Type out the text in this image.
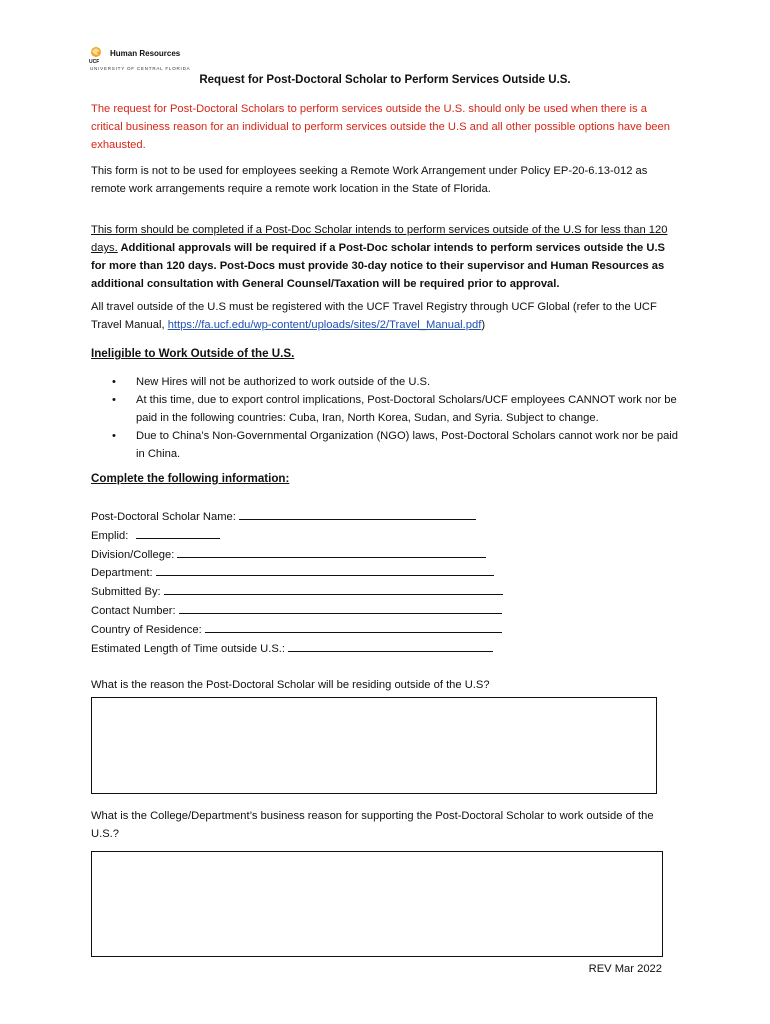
UCF
Human Resources
UNIVERSITY OF CENTRAL FLORIDA
Request for Post-Doctoral Scholar to Perform Services Outside U.S.
The request for Post-Doctoral Scholars to perform services outside the U.S. should only be used when there is a critical business reason for an individual to perform services outside the U.S and all other possible options have been exhausted.
This form is not to be used for employees seeking a Remote Work Arrangement under Policy EP-20-6.13-012 as remote work arrangements require a remote work location in the State of Florida.
This form should be completed if a Post-Doc Scholar intends to perform services outside of the U.S for less than 120 days. Additional approvals will be required if a Post-Doc scholar intends to perform services outside the U.S for more than 120 days. Post-Docs must provide 30-day notice to their supervisor and Human Resources as additional consultation with General Counsel/Taxation will be required prior to approval.
All travel outside of the U.S must be registered with the UCF Travel Registry through UCF Global (refer to the UCF Travel Manual, https://fa.ucf.edu/wp-content/uploads/sites/2/Travel_Manual.pdf)
Ineligible to Work Outside of the U.S.
• New Hires will not be authorized to work outside of the U.S.
• At this time, due to export control implications, Post-Doctoral Scholars/UCF employees CANNOT work nor be paid in the following countries: Cuba, Iran, North Korea, Sudan, and Syria. Subject to change.
• Due to China’s Non-Governmental Organization (NGO) laws, Post-Doctoral Scholars cannot work nor be paid in China.
Complete the following information:
Post-Doctoral Scholar Name:
Emplid:
Division/College:
Department:
Submitted By:
Contact Number:
Country of Residence:
Estimated Length of Time outside U.S.:
What is the reason the Post-Doctoral Scholar will be residing outside of the U.S?
What is the College/Department’s business reason for supporting the Post-Doctoral Scholar to work outside of the U.S.?
REV Mar 2022
